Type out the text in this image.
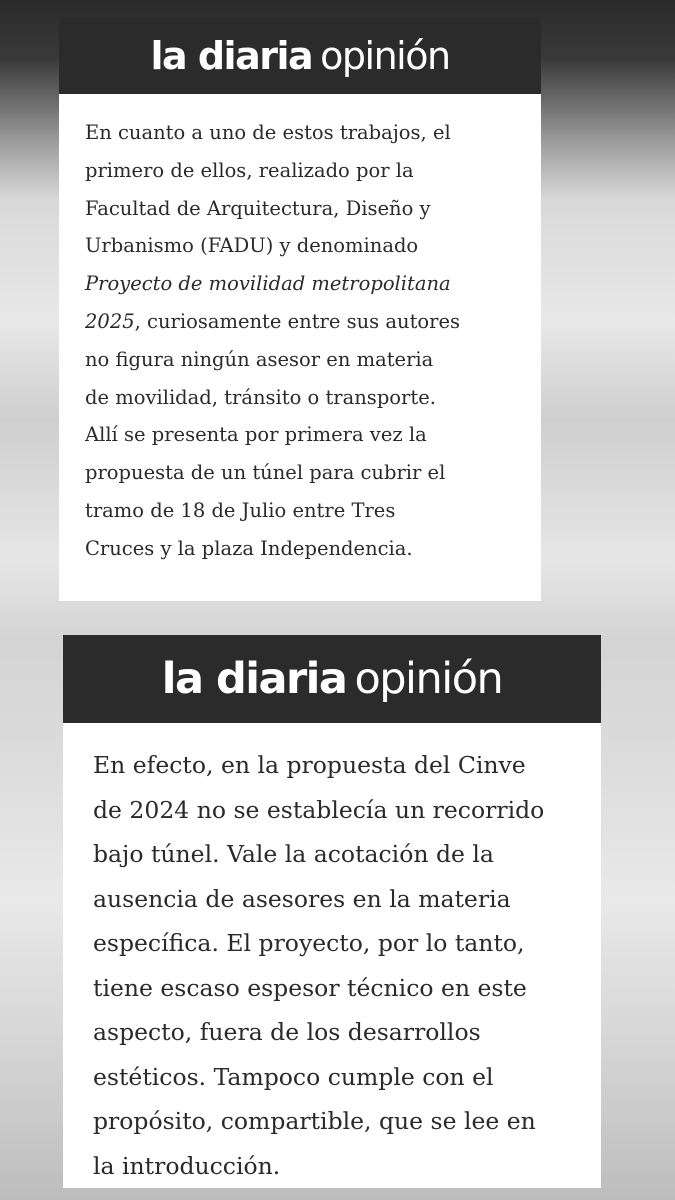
la diaria opinión
En cuanto a uno de estos trabajos, el
primero de ellos, realizado por la
Facultad de Arquitectura, Diseño y
Urbanismo (FADU) y denominado
Proyecto de movilidad metropolitana
2025, curiosamente entre sus autores
no figura ningún asesor en materia
de movilidad, tránsito o transporte.
Allí se presenta por primera vez la
propuesta de un túnel para cubrir el
tramo de 18 de Julio entre Tres
Cruces y la plaza Independencia.
la diaria opinión
En efecto, en la propuesta del Cinve
de 2024 no se establecía un recorrido
bajo túnel. Vale la acotación de la
ausencia de asesores en la materia
específica. El proyecto, por lo tanto,
tiene escaso espesor técnico en este
aspecto, fuera de los desarrollos
estéticos. Tampoco cumple con el
propósito, compartible, que se lee en
la introducción.
